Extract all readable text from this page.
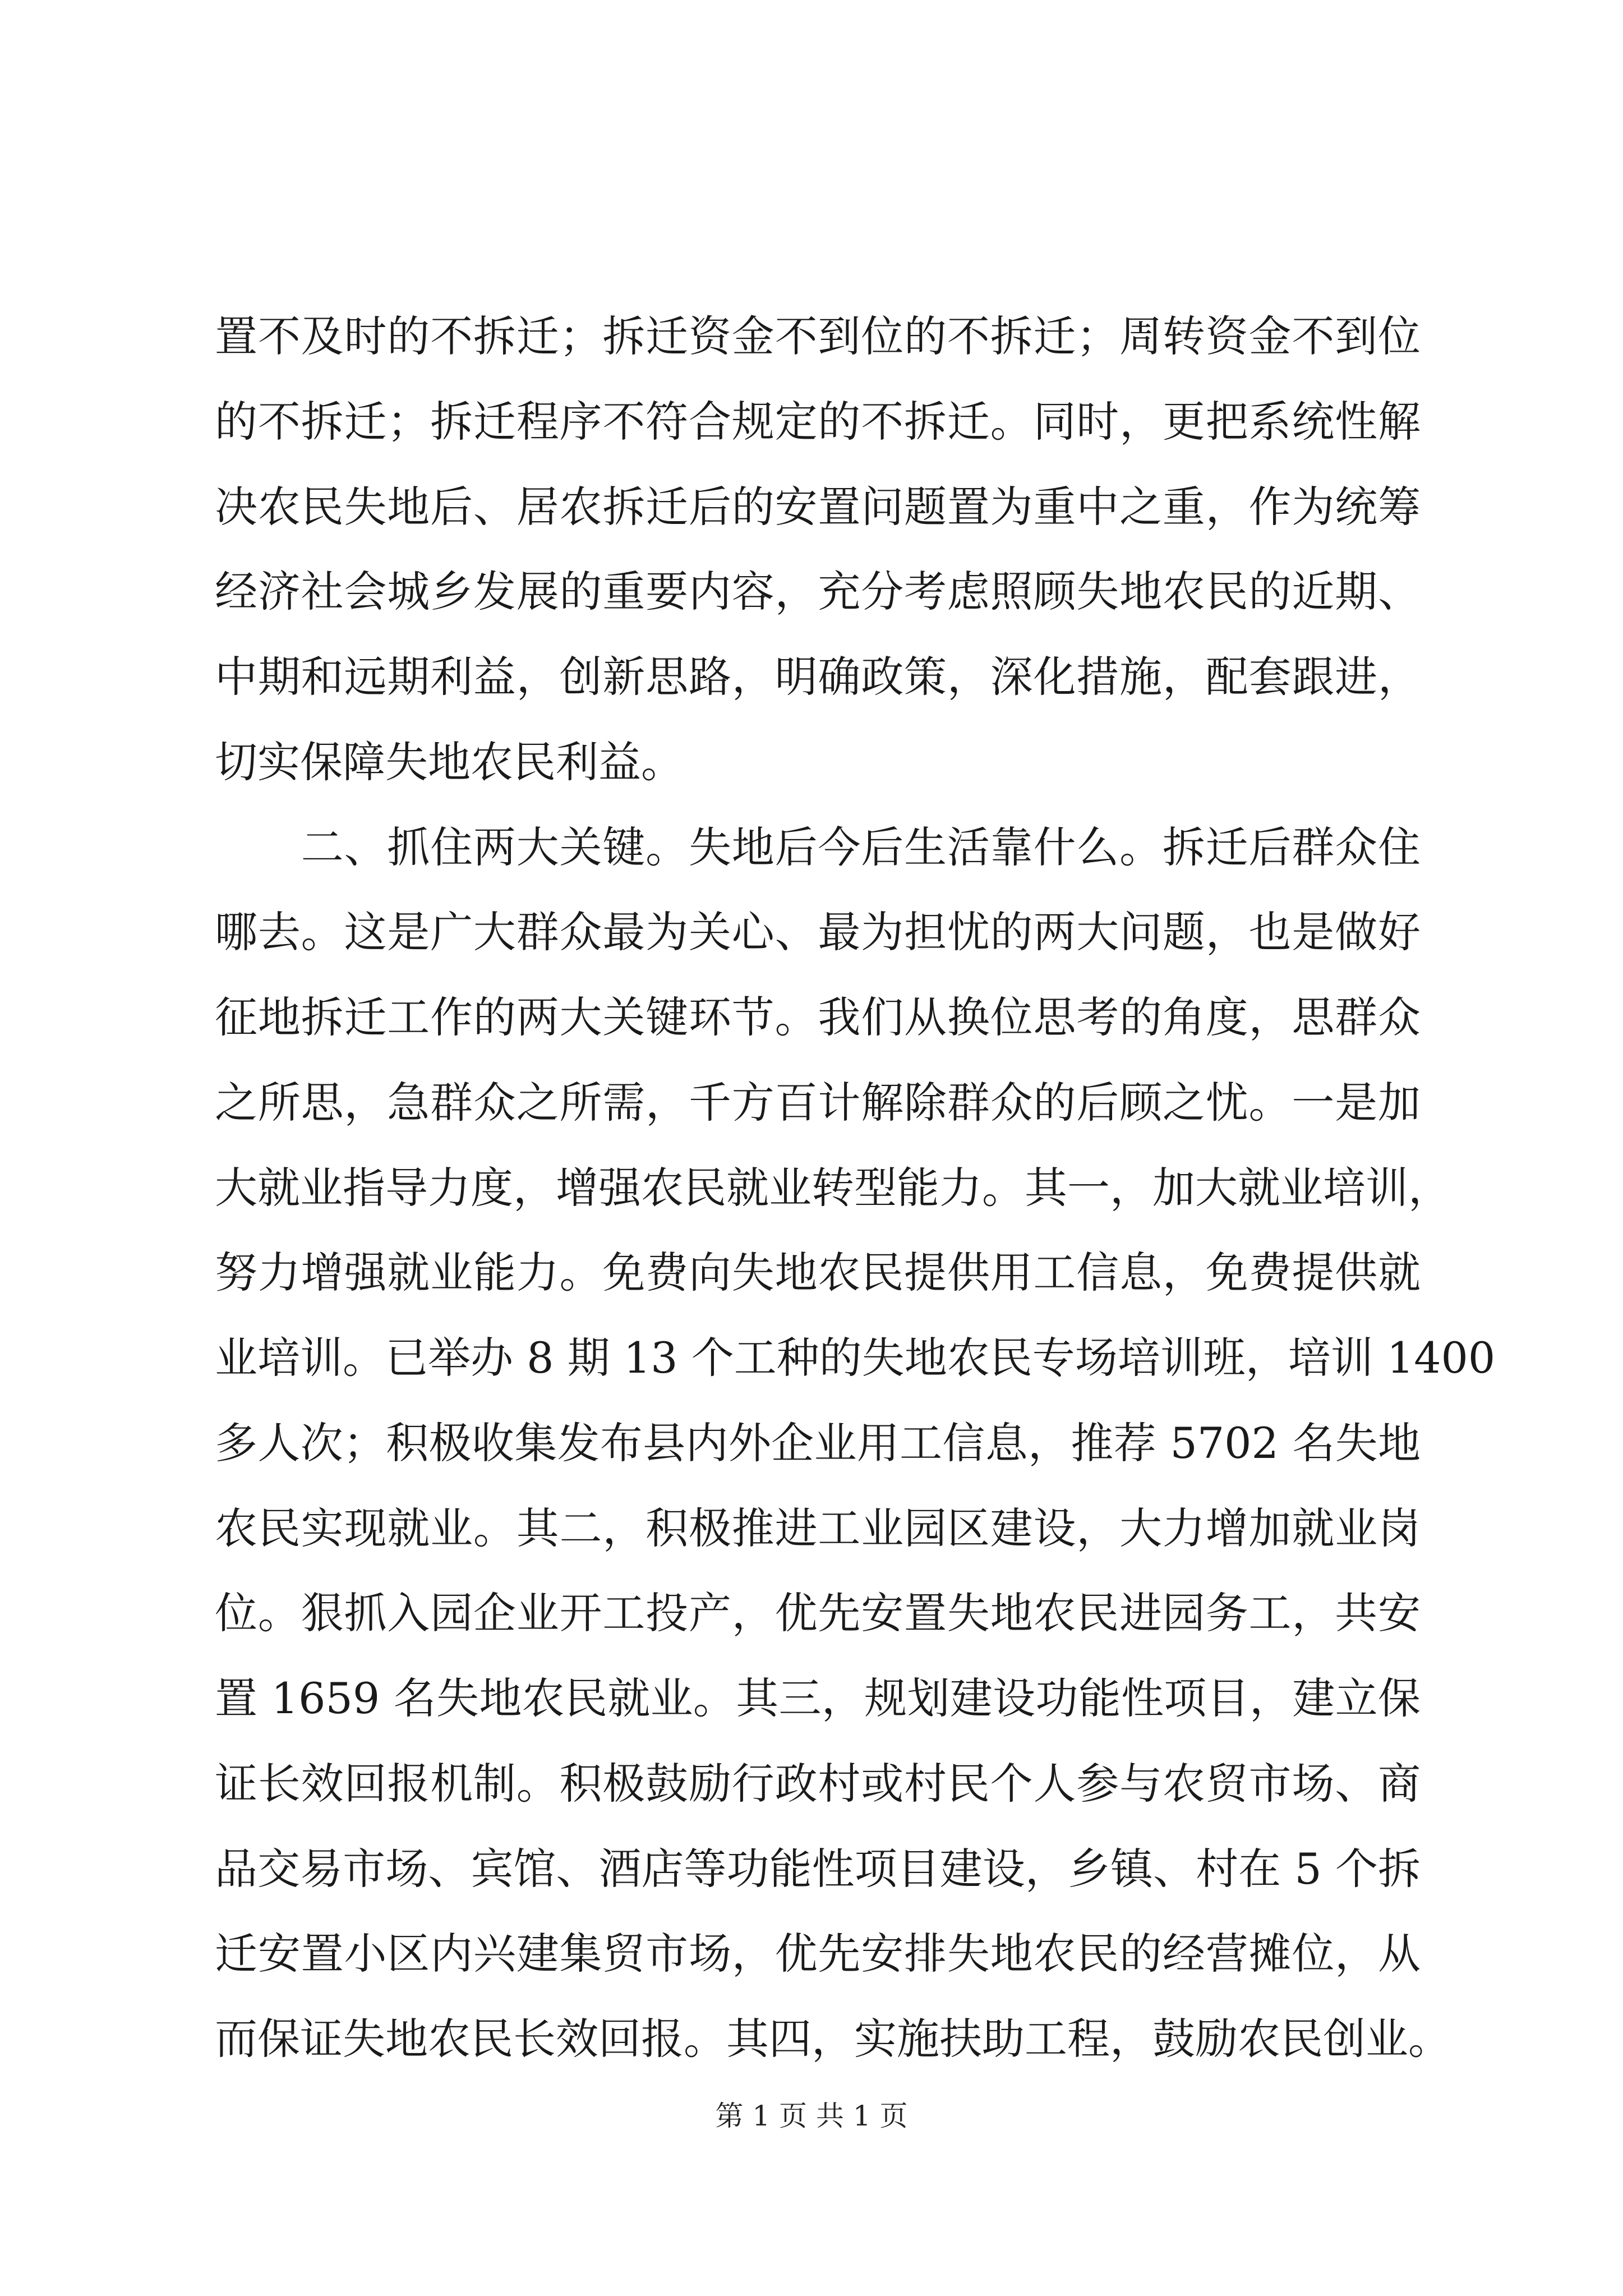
置不及时的不拆迁；拆迁资金不到位的不拆迁；周转资金不到位
的不拆迁；拆迁程序不符合规定的不拆迁。同时，更把系统性解
决农民失地后、居农拆迁后的安置问题置为重中之重，作为统筹
经济社会城乡发展的重要内容，充分考虑照顾失地农民的近期、
中期和远期利益，创新思路，明确政策，深化措施，配套跟进，
切实保障失地农民利益。
　　二、抓住两大关键。失地后今后生活靠什么。拆迁后群众住
哪去。这是广大群众最为关心、最为担忧的两大问题，也是做好
征地拆迁工作的两大关键环节。我们从换位思考的角度，思群众
之所思，急群众之所需，千方百计解除群众的后顾之忧。一是加
大就业指导力度，增强农民就业转型能力。其一，加大就业培训，
努力增强就业能力。免费向失地农民提供用工信息，免费提供就
业培训。已举办 8 期 13 个工种的失地农民专场培训班，培训 1400
多人次；积极收集发布县内外企业用工信息，推荐 5702 名失地
农民实现就业。其二，积极推进工业园区建设，大力增加就业岗
位。狠抓入园企业开工投产，优先安置失地农民进园务工，共安
置 1659 名失地农民就业。其三，规划建设功能性项目，建立保
证长效回报机制。积极鼓励行政村或村民个人参与农贸市场、商
品交易市场、宾馆、酒店等功能性项目建设，乡镇、村在 5 个拆
迁安置小区内兴建集贸市场，优先安排失地农民的经营摊位，从
而保证失地农民长效回报。其四，实施扶助工程，鼓励农民创业。
第 1 页 共 1 页
